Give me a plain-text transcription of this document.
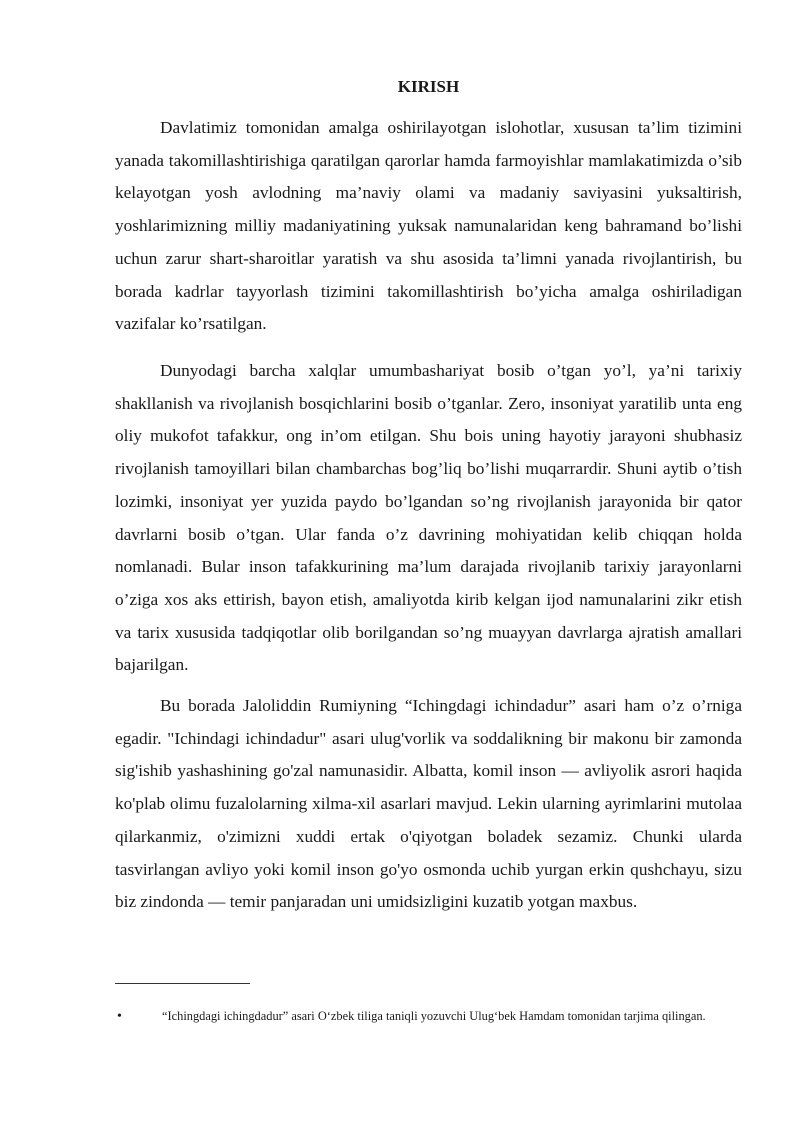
KIRISH

Davlatimiz tomonidan amalga oshirilayotgan islohotlar, xususan ta’lim tizimini yanada takomillashtirishiga qaratilgan qarorlar hamda farmoyishlar mamlakatimizda o’sib kelayotgan yosh avlodning ma’naviy olami va madaniy saviyasini yuksaltirish, yoshlarimizning milliy madaniyatining yuksak namunalaridan keng bahramand bo’lishi uchun zarur shart-sharoitlar yaratish va shu asosida ta’limni yanada rivojlantirish, bu borada kadrlar tayyorlash tizimini takomillashtirish bo’yicha amalga oshiriladigan vazifalar ko’rsatilgan.

Dunyodagi barcha xalqlar umumbashariyat bosib o’tgan yo’l, ya’ni tarixiy shakllanish va rivojlanish bosqichlarini bosib o’tganlar. Zero, insoniyat yaratilib unta eng oliy mukofot tafakkur, ong in’om etilgan. Shu bois uning hayotiy jarayoni shubhasiz rivojlanish tamoyillari bilan chambarchas bog’liq bo’lishi muqarrardir. Shuni aytib o’tish lozimki, insoniyat yer yuzida paydo bo’lgandan so’ng rivojlanish jarayonida bir qator davrlarni bosib o’tgan. Ular fanda o’z davrining mohiyatidan kelib chiqqan holda nomlanadi. Bular inson tafakkurining ma’lum darajada rivojlanib tarixiy jarayonlarni o’ziga xos aks ettirish, bayon etish, amaliyotda kirib kelgan ijod namunalarini zikr etish va tarix xususida tadqiqotlar olib borilgandan so’ng muayyan davrlarga ajratish amallari bajarilgan.

Bu borada Jaloliddin Rumiyning “Ichingdagi ichindadur” asari ham o’z o’rniga egadir. "Ichindagi ichindadur" asari ulug'vorlik va soddalikning bir makonu bir zamonda sig'ishib yashashining go'zal namunasidir. Albatta, komil inson — avliyolik asrori haqida ko'plab olimu fuzalolarning xilma-xil asarlari mavjud. Lekin ularning ayrimlarini mutolaa qilarkanmiz, o'zimizni xuddi ertak o'qiyotgan boladek sezamiz. Chunki ularda tasvirlangan avliyo yoki komil inson go'yo osmonda uchib yurgan erkin qushchayu, sizu biz zindonda — temir panjaradan uni umidsizligini kuzatib yotgan maxbus.

•	“Ichingdagi ichingdadur” asari O‘zbek tiliga taniqli yozuvchi Ulug‘bek Hamdam tomonidan tarjima qilingan.
